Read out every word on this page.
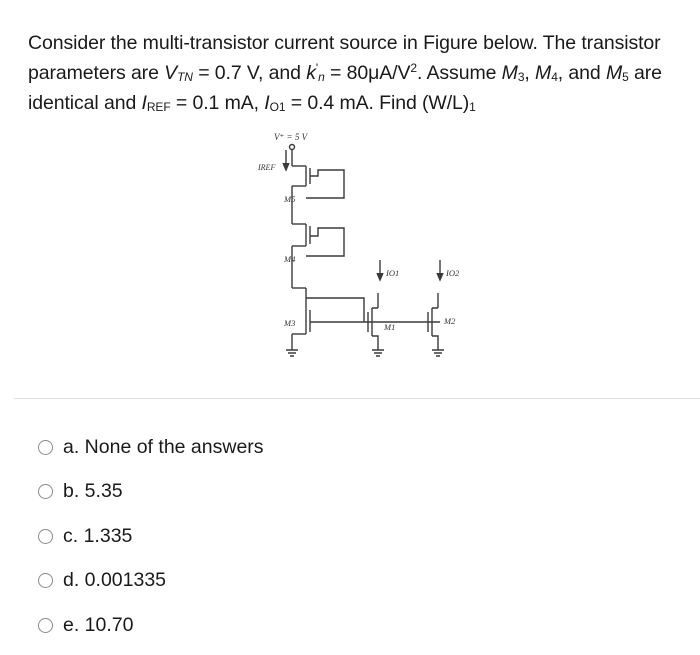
Consider the multi-transistor current source in Figure below. The transistor parameters are $V_{TN} = 0.7$ V, and $k'_n = 80\mu A/V^2$. Assume $M_3$, $M_4$, and $M_5$ are identical and $I_{REF} = 0.1$ mA, $I_{O1} = 0.4$ mA. Find $(W/L)_1$
V⁺ = 5 V
IREF
M5
M4
M3	M1
M2
IO1	IO2
a. None of the answers
b. 5.35
c. 1.335
d. 0.001335
e. 10.70
